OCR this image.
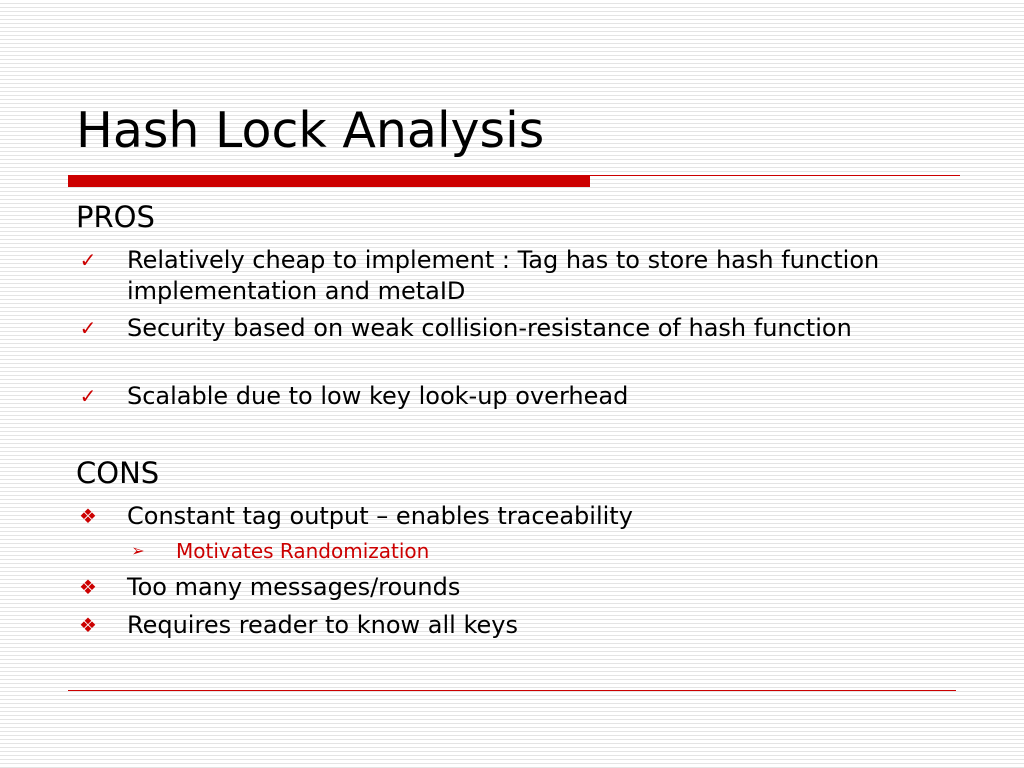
Hash Lock Analysis
PROS
✓ Relatively cheap to implement : Tag has to store hash function implementation and metaID
✓ Security based on weak collision-resistance of hash function
✓ Scalable due to low key look-up overhead
CONS
❖ Constant tag output – enables traceability
➢ Motivates Randomization
❖ Too many messages/rounds
❖ Requires reader to know all keys
